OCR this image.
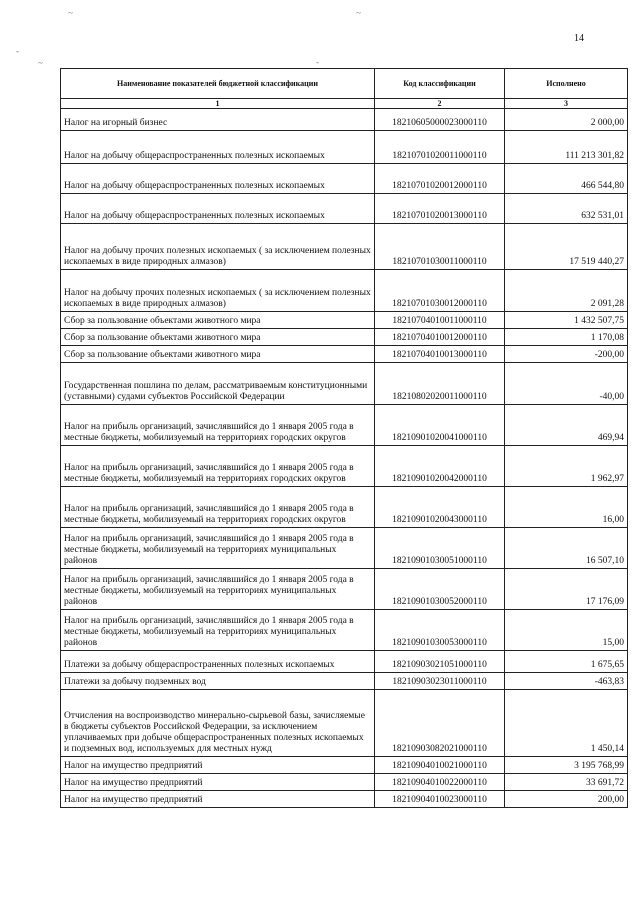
~	~
-
~	-
14
Наименование показателей бюджетной классификации	Код классификации	Исполнено
1	2	3
Налог на игорный бизнес	18210605000023000110	2 000,00
Налог на добычу общераспространенных полезных ископаемых	18210701020011000110	111 213 301,82
Налог на добычу общераспространенных полезных ископаемых	18210701020012000110	466 544,80
Налог на добычу общераспространенных полезных ископаемых	18210701020013000110	632 531,01
Налог на добычу прочих полезных ископаемых ( за исключением полезных ископаемых в виде природных алмазов)	18210701030011000110	17 519 440,27
Налог на добычу прочих полезных ископаемых ( за исключением полезных ископаемых в виде природных алмазов)	18210701030012000110	2 091,28
Сбор за пользование объектами животного мира	18210704010011000110	1 432 507,75
Сбор за пользование объектами животного мира	18210704010012000110	1 170,08
Сбор за пользование объектами животного мира	18210704010013000110	-200,00
Государственная пошлина по делам, рассматриваемым конституционными (уставными) судами субъектов Российской Федерации	18210802020011000110	-40,00
Налог на прибыль организаций, зачислявшийся до 1 января 2005 года в местные бюджеты, мобилизуемый на территориях городских округов	18210901020041000110	469,94
Налог на прибыль организаций, зачислявшийся до 1 января 2005 года в местные бюджеты, мобилизуемый на территориях городских округов	18210901020042000110	1 962,97
Налог на прибыль организаций, зачислявшийся до 1 января 2005 года в местные бюджеты, мобилизуемый на территориях городских округов	18210901020043000110	16,00
Налог на прибыль организаций, зачислявшийся до 1 января 2005 года в местные бюджеты, мобилизуемый на территориях муниципальных районов	18210901030051000110	16 507,10
Налог на прибыль организаций, зачислявшийся до 1 января 2005 года в местные бюджеты, мобилизуемый на территориях муниципальных районов	18210901030052000110	17 176,09
Налог на прибыль организаций, зачислявшийся до 1 января 2005 года в местные бюджеты, мобилизуемый на территориях муниципальных районов	18210901030053000110	15,00
Платежи за добычу общераспространенных полезных ископаемых	18210903021051000110	1 675,65
Платежи за добычу подземных вод	18210903023011000110	-463,83
Отчисления на воспроизводство минерально-сырьевой базы, зачисляемые в бюджеты субъектов Российской Федерации, за исключением уплачиваемых при добыче общераспространенных полезных ископаемых и подземных вод, используемых для местных нужд	18210903082021000110	1 450,14
Налог на имущество предприятий	18210904010021000110	3 195 768,99
Налог на имущество предприятий	18210904010022000110	33 691,72
Налог на имущество предприятий	18210904010023000110	200,00
